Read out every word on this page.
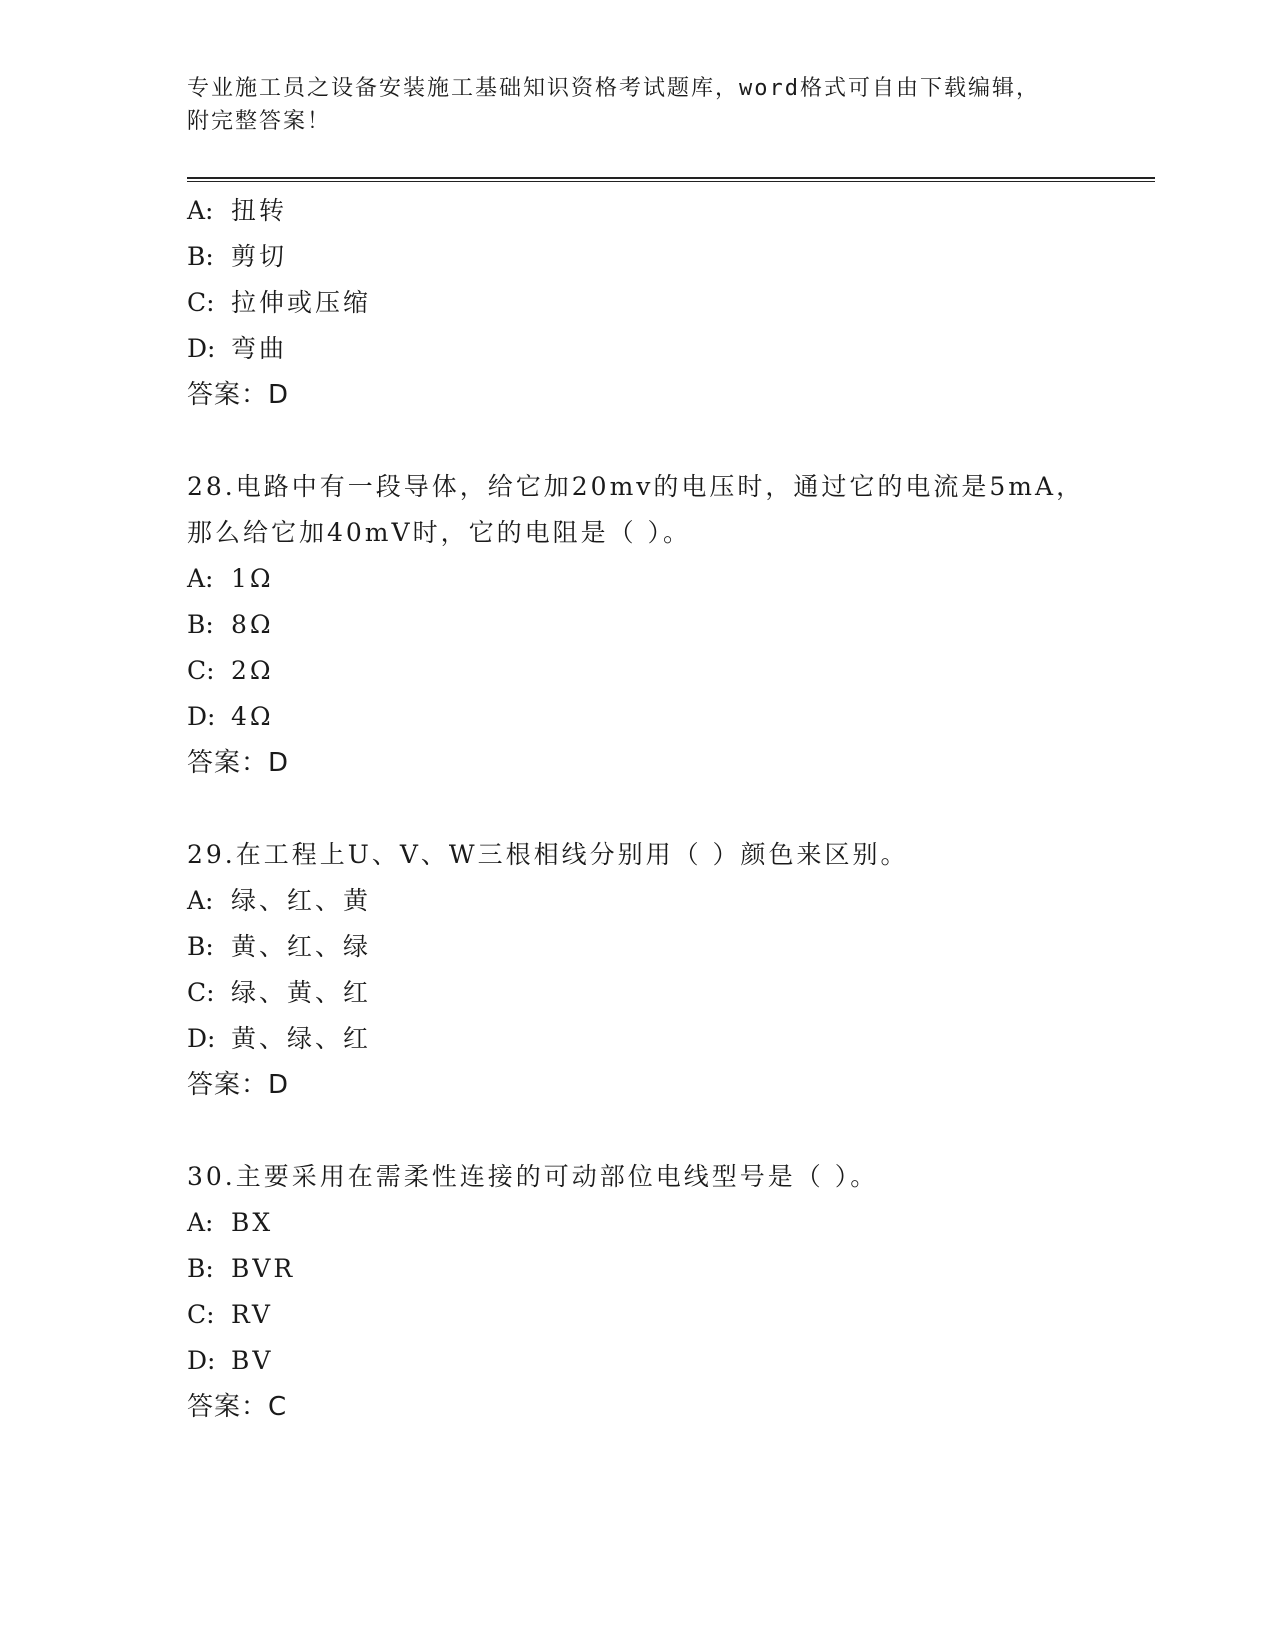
专业施工员之设备安装施工基础知识资格考试题库，word格式可自由下载编辑，
附完整答案！
A: 扭转
B: 剪切
C: 拉伸或压缩
D: 弯曲
答案：D
28.电路中有一段导体，给它加20mv的电压时，通过它的电流是5mA，
那么给它加40mV时，它的电阻是（ ）。
A: 1Ω
B: 8Ω
C: 2Ω
D: 4Ω
答案：D
29.在工程上U、V、W三根相线分别用（ ）颜色来区别。
A: 绿、红、黄
B: 黄、红、绿
C: 绿、黄、红
D: 黄、绿、红
答案：D
30.主要采用在需柔性连接的可动部位电线型号是（ ）。
A: BX
B: BVR
C: RV
D: BV
答案：C
